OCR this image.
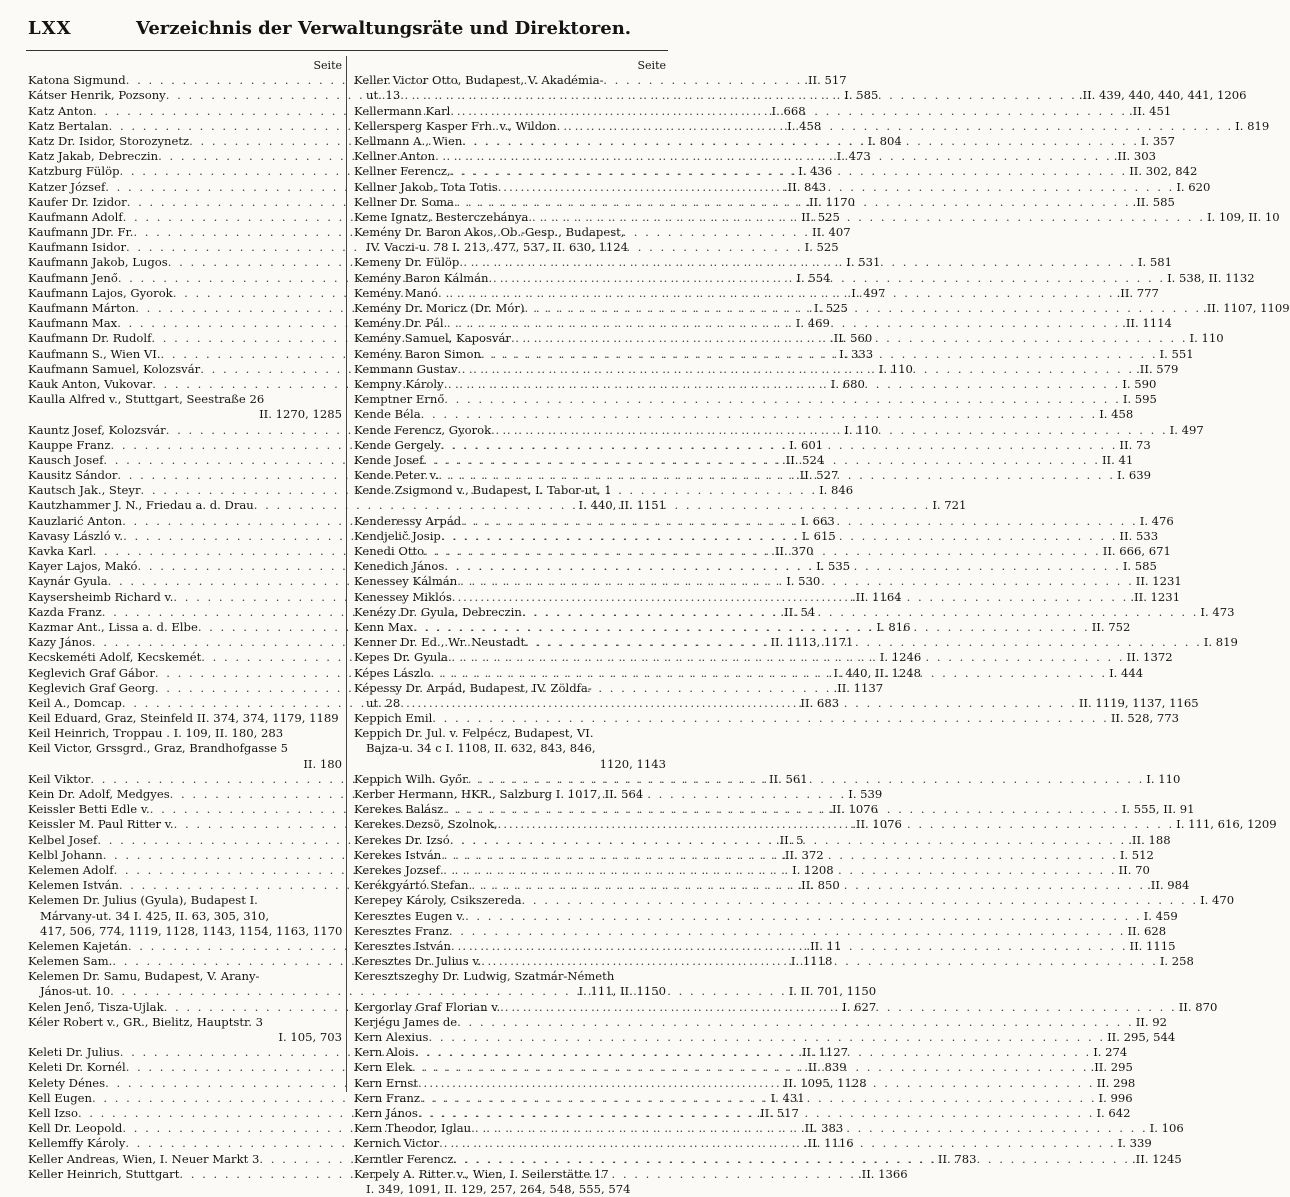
LXX	Verzeichnis der Verwaltungsräte und Direktoren.
Seite
Katona Sigmund . . .	.II. 517
Kátser Henrik, Pozsony . . .	I. 585
Katz Anton . . .	I. 668
Katz Bertalan . . .	I. 458
Katz Dr. Isidor, Storozynetz . . .	I. 804
Katz Jakab, Debreczin . . .	I. 473
Katzburg Fülöp . . .	I. 436
Katzer József . . .	.II. 843
Kaufer Dr. Izidor . . .	.II. 1170
Kaufmann Adolf . . .	II. 525
Kaufmann JDr. Fr. . . .	II. 407
Kaufmann Isidor . . .	I. 525
Kaufmann Jakob, Lugos . . .	I. 531
Kaufmann Jenő . . .	I. 554
Kaufmann Lajos, Gyorok . . .	I. 497
Kaufmann Márton . . .	I. 525
Kaufmann Max . . .	I. 469
Kaufmann Dr. Rudolf . . .	.II. 560
Kaufmann S., Wien VI. . . .	I. 333
Kaufmann Samuel, Kolozsvár . . .	I. 110
Kauk Anton, Vukovar . . .	I. 680
Kaulla Alfred v., Stuttgart, Seestraße 26
II. 1270, 1285
Kauntz Josef, Kolozsvár . . .	I. 110
Kauppe Franz . . .	I. 601
Kausch Josef . . .	.II. 524
Kausitz Sándor . . .	.II. 527
Kautsch Jak., Steyr . . .	I. 846
Kautzhammer J. N., Friedau a. d. Drau . . .	I. 721
Kauzlarić Anton . . .	I. 663
Kavasy László v. . . .	I. 615
Kavka Karl . . .	.II. 370
Kayer Lajos, Makó . . .	I. 535
Kaynár Gyula . . .	I. 530
Kaysersheimb Richard v. . . .	.II. 1164
Kazda Franz . . .	.II. 54
Kazmar Ant., Lissa a. d. Elbe . . .	I. 816
Kazy János . . .	II. 1113, 1171
Kecskeméti Adolf, Kecskemét . . .	I. 1246
Keglevich Graf Gábor . . .	I. 440, II. 1248
Keglevich Graf Georg . . .	.II. 1137
Keil A., Domcap . . .	II. 683
Keil Eduard, Graz, Steinfeld II. 374, 374, 1179, 1189
Keil Heinrich, Troppau . I. 109, II. 180, 283
Keil Victor, Grssgrd., Graz, Brandhofgasse 5
II. 180
Keil Viktor . . .	II. 561
Kein Dr. Adolf, Medgyes . . .	I. 539
Keissler Betti Edle v. . . .	.II. 1076
Keissler M. Paul Ritter v. . . .	.II. 1076
Kelbel Josef . . .	.II. 5
Kelbl Johann . . .	.II. 372
Kelemen Adolf . . .	I. 1208
Kelemen István . . .	.II. 850
Kelemen Dr. Julius (Gyula), Budapest I.
Márvany-ut. 34 I. 425, II. 63, 305, 310,
417, 506, 774, 1119, 1128, 1143, 1154, 1163, 1170
Kelemen Kajetán . . .	.II. 11
Kelemen Sam. . . .	I. 1118
Kelemen Dr. Samu, Budapest, V. Arany-
János-ut. 10 . . .	I. II. 701, 1150
Kelen Jenő, Tisza-Ujlak . . .	I. 627
Kéler Robert v., GR., Bielitz, Hauptstr. 3
I. 105, 703
Keleti Dr. Julius . . .	.II. 1127
Keleti Dr. Kornél . . .	.II. 839
Kelety Dénes . . .	II. 1095, 1128
Kell Eugen . . .	I. 431
Kell Izso . . .	.II. 517
Kell Dr. Leopold . . .	.II. 383
Kellemffy Károly . . .	.II. 1116
Keller Andreas, Wien, I. Neuer Markt 3 . . .	II. 783
Keller Heinrich, Stuttgart . . .	.II. 1366
Seite
Keller Victor Otto, Budapest, V. Akadémia-
ut. 13 . . .	.II. 439, 440, 440, 441, 1206
Kellermann Karl . . .	.II. 451
Kellersperg Kasper Frh. v., Wildon . . .	I. 819
Kellmann A., Wien . . .	I. 357
Kellner Anton . . .	.II. 303
Kellner Ferencz, . . .	II. 302, 842
Kellner Jakob, Tota Totis . . .	I. 620
Kellner Dr. Soma . . .	.II. 585
Keme Ignatz, Besterczebánya . . .	I. 109, II. 10
Kemény Dr. Baron Akos, Ob.-Gesp., Budapest,
IV. Vaczi-u. 78 I. 213, 477, 537, II. 630, 1124
Kemeny Dr. Fülöp . . .	I. 581
Kemény Baron Kálmán . . .	I. 538, II. 1132
Kemény Manó . . .	.II. 777
Kemény Dr. Moricz (Dr. Mór) . . .	.II. 1107, 1109
Kemény Dr. Pál . . .	.II. 1114
Kemény Samuel, Kaposvár . . .	I. 110
Kemény Baron Simon . . .	I. 551
Kemmann Gustav . . .	.II. 579
Kempny Károly . . .	I. 590
Kemptner Ernő . . .	I. 595
Kende Béla . . .	I. 458
Kende Ferencz, Gyorok . . .	I. 497
Kende Gergely . . .	II. 73
Kende Josef . . .	II. 41
Kende Peter v. . . .	I. 639
Kende Zsigmond v., Budapest, I. Tabor-ut, 1
I. 440, II. 1151
Kenderessy Arpád . . .	I. 476
Kendjelič Josip . . .	II. 533
Kenedi Otto . . .	II. 666, 671
Kenedich János . . .	I. 585
Kenessey Kálmán . . .	II. 1231
Kenessey Miklós . . .	.II. 1231
Kenézy Dr. Gyula, Debreczin . . .	I. 473
Kenn Max . . .	II. 752
Kenner Dr. Ed., Wr. Neustadt . . .	I. 819
Kepes Dr. Gyula . . .	II. 1372
Képes Lászlo . . .	I. 444
Képessy Dr. Arpád, Budapest, IV. Zöldfa-
ut. 28 . . .	II. 1119, 1137, 1165
Keppich Emil . . .	II. 528, 773
Keppich Dr. Jul. v. Felpécz, Budapest, VI.
Bajza-u. 34 c I. 1108, II. 632, 843, 846,
1120, 1143
Keppich Wilh. Győr . . .	I. 110
Kerber Hermann, HKR., Salzburg I. 1017, II. 564
Kerekes Balász . . .	I. 555, II. 91
Kerekes Dezsö, Szolnok, . . .	I. 111, 616, 1209
Kerekes Dr. Izsó . . .	.II. 188
Kerekes István . . .	I. 512
Kerekes Jozsef . . .	II. 70
Kerékgyártó Stefan . . .	.II. 984
Kerepey Károly, Csikszereda . . .	I. 470
Keresztes Eugen v. . . .	I. 459
Keresztes Franz . . .	II. 628
Keresztes István . . .	II. 1115
Keresztes Dr. Julius v. . . .	I. 258
Keresztszeghy Dr. Ludwig, Szatmár-Németh
I. 111, II. 1150
Kergorlay Graf Florian v. . . .	II. 870
Kerjégu James de . . .	II. 92
Kern Alexius . . .	II. 295, 544
Kern Alois . . .	I. 274
Kern Elek . . .	.II. 295
Kern Ernst . . .	II. 298
Kern Franz . . .	I. 996
Kern János . . .	I. 642
Kern Theodor, Iglau . . .	I. 106
Kernich Victor . . .	I. 339
Kerntler Ferencz . . .	.II. 1245
Kerpely A. Ritter v., Wien, I. Seilerstätte 17
I. 349, 1091, II. 129, 257, 264, 548, 555, 574
